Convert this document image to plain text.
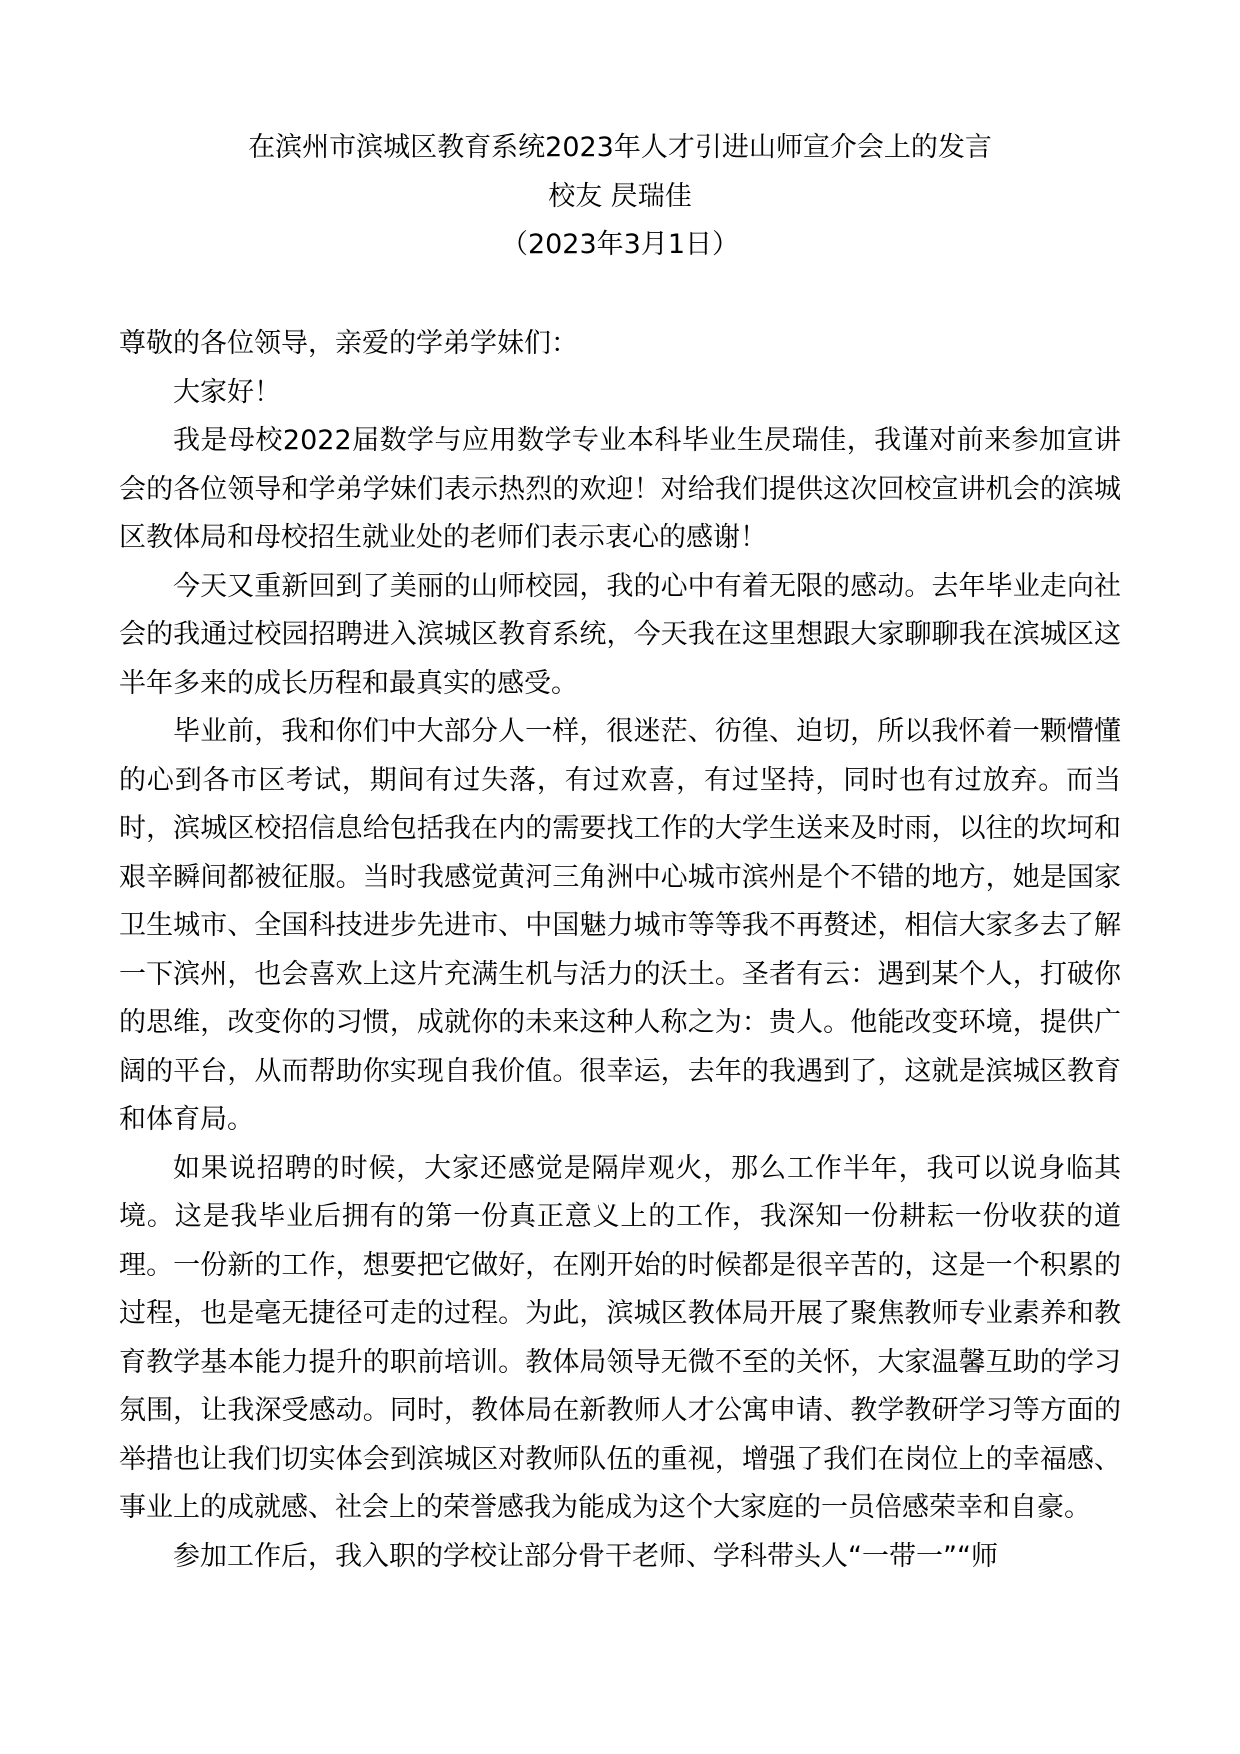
在滨州市滨城区教育系统2023年人才引进山师宣介会上的发言
校友 昃瑞佳
（2023年3月1日）

尊敬的各位领导，亲爱的学弟学妹们：

大家好！

我是母校2022届数学与应用数学专业本科毕业生昃瑞佳，我谨对前来参加宣讲会的各位领导和学弟学妹们表示热烈的欢迎！对给我们提供这次回校宣讲机会的滨城区教体局和母校招生就业处的老师们表示衷心的感谢！

今天又重新回到了美丽的山师校园，我的心中有着无限的感动。去年毕业走向社会的我通过校园招聘进入滨城区教育系统，今天我在这里想跟大家聊聊我在滨城区这半年多来的成长历程和最真实的感受。

毕业前，我和你们中大部分人一样，很迷茫、彷徨、迫切，所以我怀着一颗懵懂的心到各市区考试，期间有过失落，有过欢喜，有过坚持，同时也有过放弃。而当时，滨城区校招信息给包括我在内的需要找工作的大学生送来及时雨，以往的坎坷和艰辛瞬间都被征服。当时我感觉黄河三角洲中心城市滨州是个不错的地方，她是国家卫生城市、全国科技进步先进市、中国魅力城市等等我不再赘述，相信大家多去了解一下滨州，也会喜欢上这片充满生机与活力的沃土。圣者有云：遇到某个人，打破你的思维，改变你的习惯，成就你的未来这种人称之为：贵人。他能改变环境，提供广阔的平台，从而帮助你实现自我价值。很幸运，去年的我遇到了，这就是滨城区教育和体育局。

如果说招聘的时候，大家还感觉是隔岸观火，那么工作半年，我可以说身临其境。这是我毕业后拥有的第一份真正意义上的工作，我深知一份耕耘一份收获的道理。一份新的工作，想要把它做好，在刚开始的时候都是很辛苦的，这是一个积累的过程，也是毫无捷径可走的过程。为此，滨城区教体局开展了聚焦教师专业素养和教育教学基本能力提升的职前培训。教体局领导无微不至的关怀，大家温馨互助的学习氛围，让我深受感动。同时，教体局在新教师人才公寓申请、教学教研学习等方面的举措也让我们切实体会到滨城区对教师队伍的重视，增强了我们在岗位上的幸福感、事业上的成就感、社会上的荣誉感我为能成为这个大家庭的一员倍感荣幸和自豪。

参加工作后，我入职的学校让部分骨干老师、学科带头人“一带一”“师
